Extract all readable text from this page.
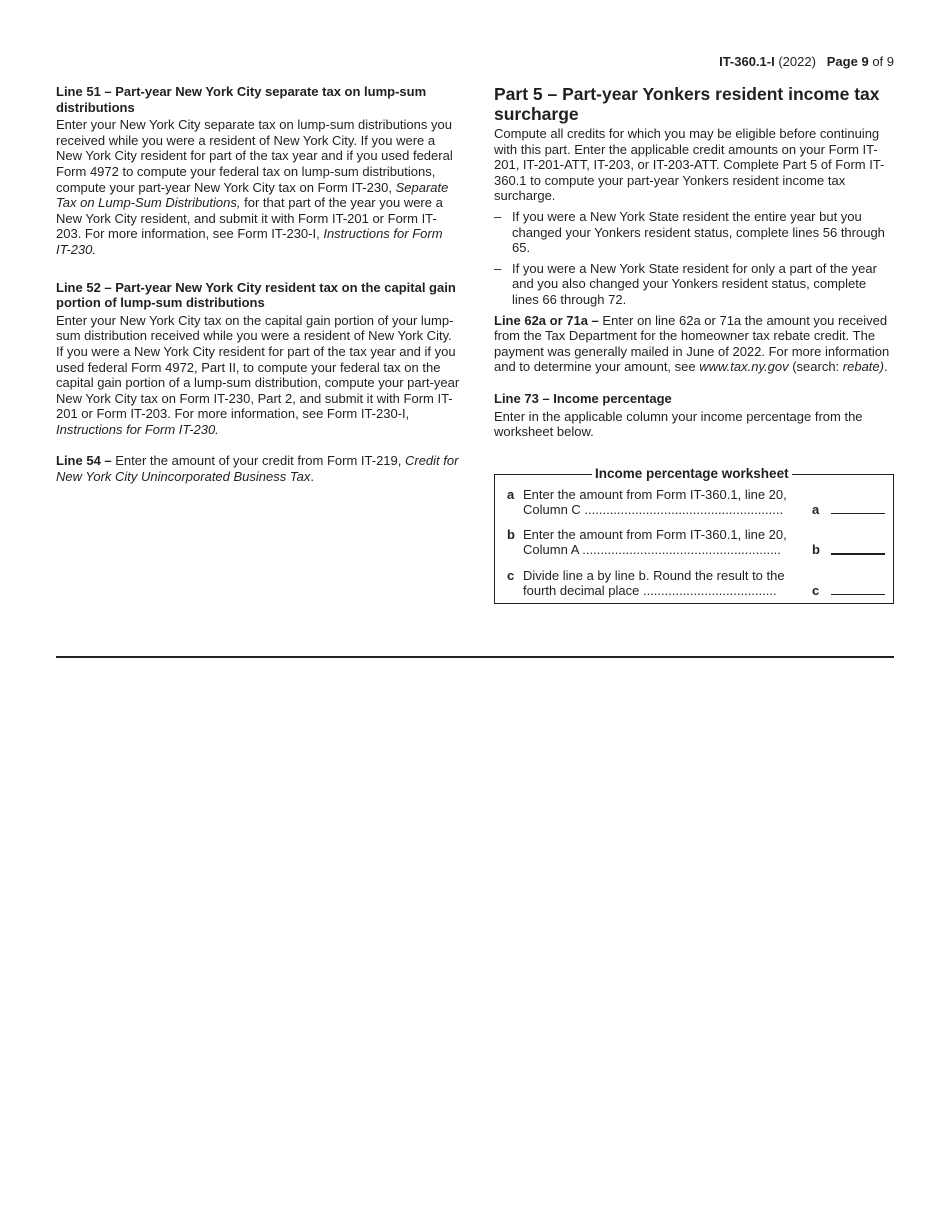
IT-360.1-I (2022) Page 9 of 9
Line 51 – Part-year New York City separate tax on lump-sum distributions

Enter your New York City separate tax on lump-sum distributions you received while you were a resident of New York City. If you were a New York City resident for part of the tax year and if you used federal Form 4972 to compute your federal tax on lump-sum distributions, compute your part-year New York City tax on Form IT-230, Separate Tax on Lump-Sum Distributions, for that part of the year you were a New York City resident, and submit it with Form IT-201 or Form IT-203. For more information, see Form IT-230-I, Instructions for Form IT-230.

Line 52 – Part-year New York City resident tax on the capital gain portion of lump-sum distributions

Enter your New York City tax on the capital gain portion of your lump-sum distribution received while you were a resident of New York City. If you were a New York City resident for part of the tax year and if you used federal Form 4972, Part II, to compute your federal tax on the capital gain portion of a lump-sum distribution, compute your part-year New York City tax on Form IT-230, Part 2, and submit it with Form IT-201 or Form IT-203. For more information, see Form IT-230-I, Instructions for Form IT-230.

Line 54 – Enter the amount of your credit from Form IT-219, Credit for New York City Unincorporated Business Tax.

Part 5 – Part-year Yonkers resident income tax surcharge

Compute all credits for which you may be eligible before continuing with this part. Enter the applicable credit amounts on your Form IT-201, IT-201-ATT, IT-203, or IT-203-ATT. Complete Part 5 of Form IT-360.1 to compute your part-year Yonkers resident income tax surcharge.

– If you were a New York State resident the entire year but you changed your Yonkers resident status, complete lines 56 through 65.
– If you were a New York State resident for only a part of the year and you also changed your Yonkers resident status, complete lines 66 through 72.

Line 62a or 71a – Enter on line 62a or 71a the amount you received from the Tax Department for the homeowner tax rebate credit. The payment was generally mailed in June of 2022. For more information and to determine your amount, see www.tax.ny.gov (search: rebate).

Line 73 – Income percentage

Enter in the applicable column your income percentage from the worksheet below.

Income percentage worksheet
a Enter the amount from Form IT-360.1, line 20,
Column C .......................................................	a
b Enter the amount from Form IT-360.1, line 20,
Column A .......................................................	b
c Divide line a by line b. Round the result to the
fourth decimal place .....................................	c
